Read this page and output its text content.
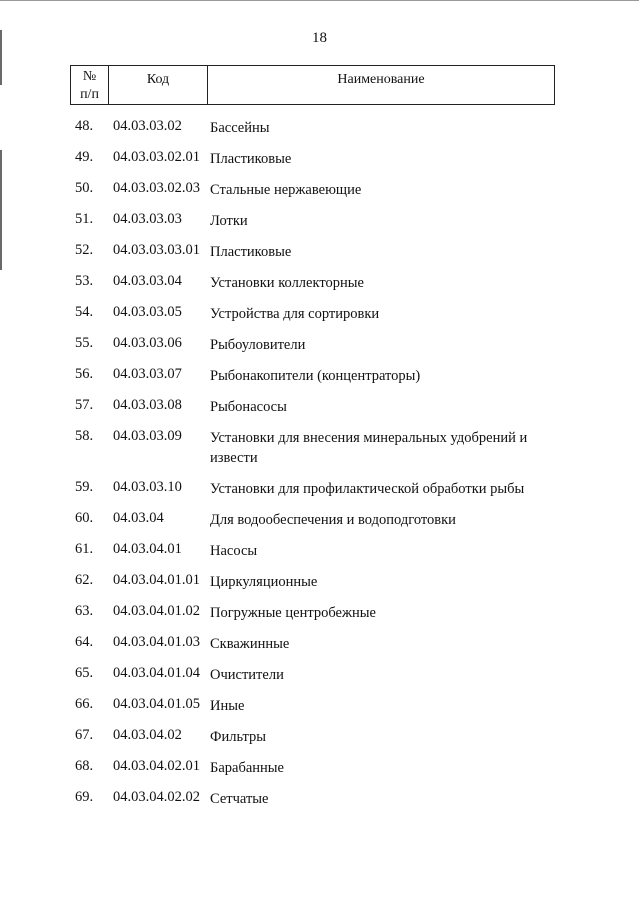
18
№
п/п	Код	Наименование
48. 04.03.03.02 Бассейны
49. 04.03.03.02.01 Пластиковые
50. 04.03.03.02.03 Стальные нержавеющие
51. 04.03.03.03 Лотки
52. 04.03.03.03.01 Пластиковые
53. 04.03.03.04 Установки коллекторные
54. 04.03.03.05 Устройства для сортировки
55. 04.03.03.06 Рыбоуловители
56. 04.03.03.07 Рыбонакопители (концентраторы)
57. 04.03.03.08 Рыбонасосы
58. 04.03.03.09 Установки для внесения минеральных удобрений и извести
59. 04.03.03.10 Установки для профилактической обработки рыбы
60. 04.03.04	Для водообеспечения и водоподготовки
61. 04.03.04.01 Насосы
62. 04.03.04.01.01 Циркуляционные
63. 04.03.04.01.02 Погружные центробежные
64. 04.03.04.01.03 Скважинные
65. 04.03.04.01.04 Очистители
66. 04.03.04.01.05 Иные
67. 04.03.04.02 Фильтры
68. 04.03.04.02.01 Барабанные
69. 04.03.04.02.02 Сетчатые
